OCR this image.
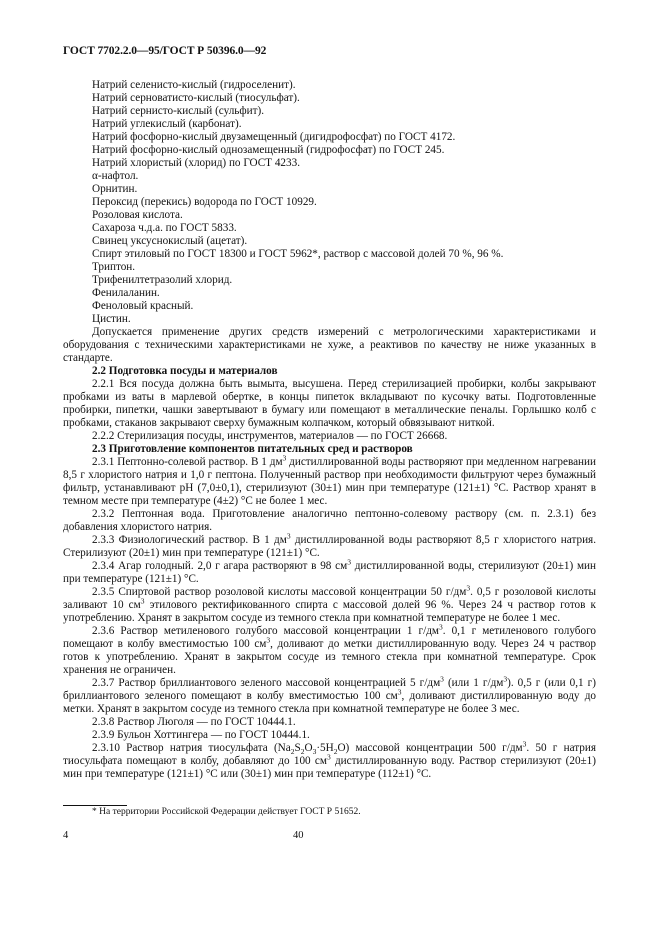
ГОСТ 7702.2.0—95/ГОСТ Р 50396.0—92

Натрий селенисто-кислый (гидроселенит).

Натрий серноватисто-кислый (тиосульфат).

Натрий сернисто-кислый (сульфит).

Натрий углекислый (карбонат).

Натрий фосфорно-кислый двузамещенный (дигидрофосфат) по ГОСТ 4172.

Натрий фосфорно-кислый однозамещенный (гидрофосфат) по ГОСТ 245.

Натрий хлористый (хлорид) по ГОСТ 4233.

α-нафтол.

Орнитин.

Пероксид (перекись) водорода по ГОСТ 10929.

Розоловая кислота.

Сахароза ч.д.а. по ГОСТ 5833.

Свинец уксуснокислый (ацетат).

Спирт этиловый по ГОСТ 18300 и ГОСТ 5962*, раствор с массовой долей 70 %, 96 %.

Триптон.

Трифенилтетразолий хлорид.

Фенилаланин.

Феноловый красный.

Цистин.

Допускается применение других средств измерений с метрологическими характеристиками и оборудования с техническими характеристиками не хуже, а реактивов по качеству не ниже указанных в стандарте.

2.2 Подготовка посуды и материалов

2.2.1 Вся посуда должна быть вымыта, высушена. Перед стерилизацией пробирки, колбы закрывают пробками из ваты в марлевой обертке, в концы пипеток вкладывают по кусочку ваты. Подготовленные пробирки, пипетки, чашки завертывают в бумагу или помещают в металлические пеналы. Горлышко колб с пробками, стаканов закрывают сверху бумажным колпачком, который обвязывают ниткой.

2.2.2 Стерилизация посуды, инструментов, материалов — по ГОСТ 26668.

2.3 Приготовление компонентов питательных сред и растворов

2.3.1 Пептонно-солевой раствор. В 1 $дм^3$ дистиллированной воды растворяют при медленном нагревании 8,5 г хлористого натрия и 1,0 г пептона. Полученный раствор при необходимости фильтруют через бумажный фильтр, устанавливают pH (7,0±0,1), стерилизуют (30±1) мин при температуре (121±1) °С. Раствор хранят в темном месте при температуре (4±2) °С не более 1 мес.

2.3.2 Пептонная вода. Приготовление аналогично пептонно-солевому раствору (см. п. 2.3.1) без добавления хлористого натрия.

2.3.3 Физиологический раствор. В 1 $дм^3$ дистиллированной воды растворяют 8,5 г хлористого натрия. Стерилизуют (20±1) мин при температуре (121±1) °С.

2.3.4 Агар голодный. 2,0 г агара растворяют в 98 $см^3$ дистиллированной воды, стерилизуют (20±1) мин при температуре (121±1) °С.

2.3.5 Спиртовой раствор розоловой кислоты массовой концентрации 50 $г/дм^3$. 0,5 г розоловой кислоты заливают 10 $см^3$ этилового ректификованного спирта с массовой долей 96 %. Через 24 ч раствор готов к употреблению. Хранят в закрытом сосуде из темного стекла при комнатной температуре не более 1 мес.

2.3.6 Раствор метиленового голубого массовой концентрации 1 $г/дм^3$. 0,1 г метиленового голубого помещают в колбу вместимостью 100 $см^3$, доливают до метки дистиллированную воду. Через 24 ч раствор готов к употреблению. Хранят в закрытом сосуде из темного стекла при комнатной температуре. Срок хранения не ограничен.

2.3.7 Раствор бриллиантового зеленого массовой концентрацией 5 $г/дм^3$ (или 1 $г/дм^3$). 0,5 г (или 0,1 г) бриллиантового зеленого помещают в колбу вместимостью 100 $см^3$, доливают дистиллированную воду до метки. Хранят в закрытом сосуде из темного стекла при комнатной температуре не более 3 мес.

2.3.8 Раствор Люголя — по ГОСТ 10444.1.

2.3.9 Бульон Хоттингера — по ГОСТ 10444.1.

2.3.10 Раствор натрия тиосульфата $(Na_2S_2O_3\cdot 5H_2O)$ массовой концентрации 500 $г/дм^3$. 50 г натрия тиосульфата помещают в колбу, добавляют до 100 $см^3$ дистиллированную воду. Раствор стерилизуют (20±1) мин при температуре (121±1) °С или (30±1) мин при температуре (112±1) °С.

* На территории Российской Федерации действует ГОСТ Р 51652.
4	40
